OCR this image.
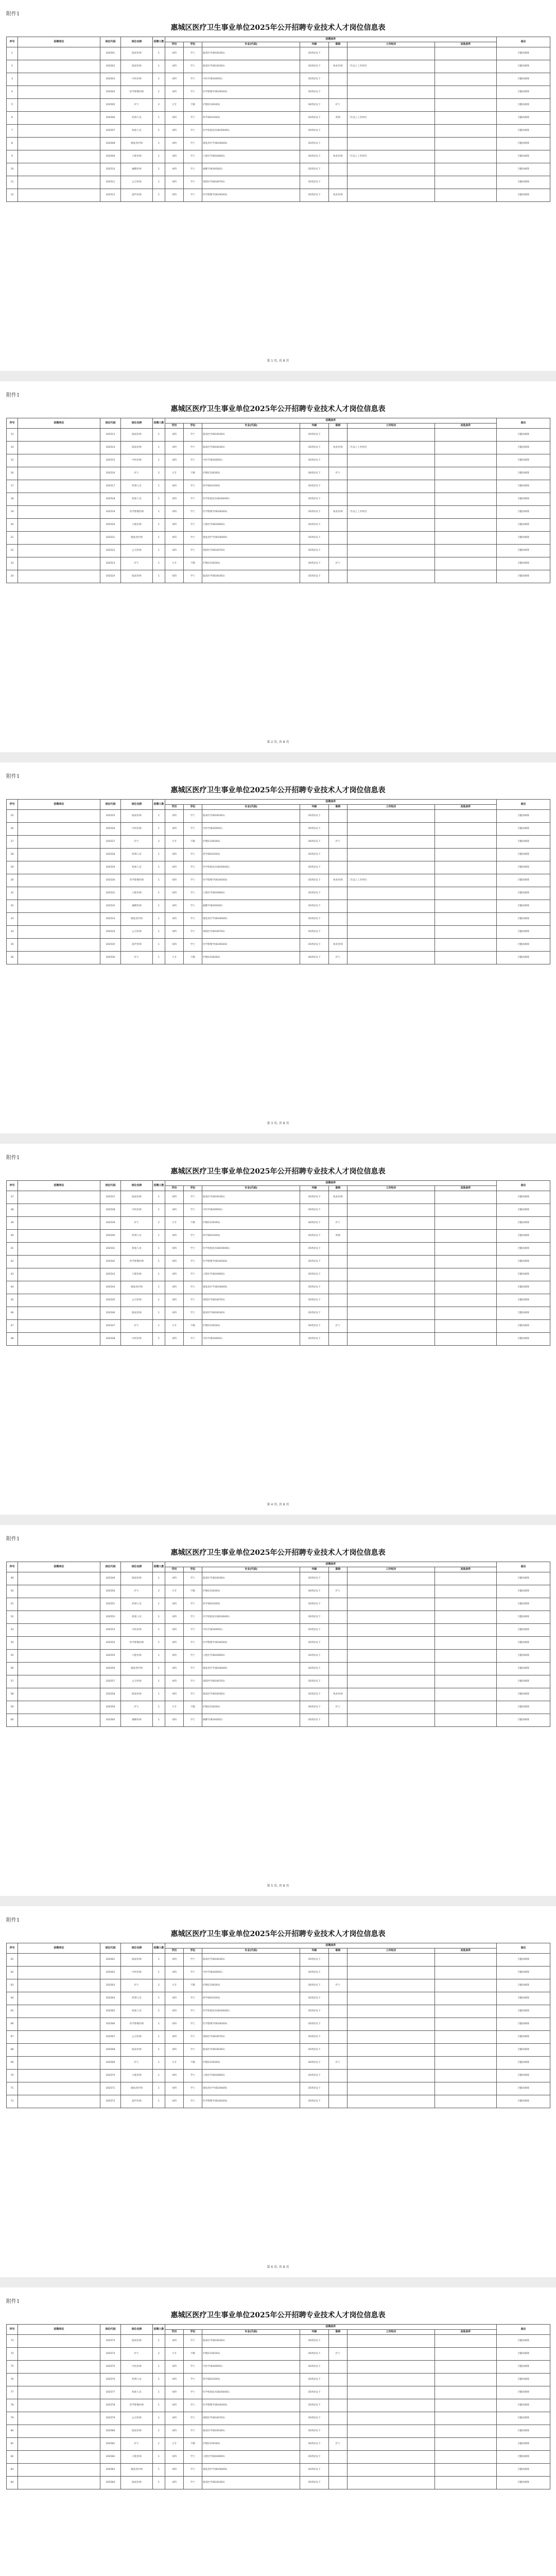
附件1
惠城区医疗卫生事业单位2025年公开招聘专业技术人才岗位信息表
序号	招聘单位	岗位代码	岗位名称	招聘人数	招聘条件							备注
					学历	学位	专业(代码)	年龄	职称	工作经历	其他条件	
1		202501	临床医师	1	本科	学士	临床医学(B100301)	35周岁以下				卫健局统筹
2		202502	临床医师	1	本科	学士	临床医学(B100301)	35周岁以下	执业医师	二年以上工作经历		卫健局统筹
3		202503	中医医师	1	本科	学士	中医学(B100501)	35周岁以下				卫健局统筹
4		202504	医学影像医师	1	本科	学士	医学影像学(B100303)	35周岁以下				卫健局统筹
5		202505	护士	2	大专	不限	护理(C100301)	30周岁以下	护士			卫健局统筹
6		202506	药剂人员	1	本科	学士	药学(B101001)	35周岁以下	药师	二年以上工作经历		卫健局统筹
7		202507	检验人员	1	本科	学士	医学检验技术(B100401)	35周岁以下				卫健局统筹
8		202508	康复治疗师	1	本科	学士	康复治疗学(B100405)	35周岁以下				卫健局统筹
9		202509	口腔医师	1	本科	学士	口腔医学(B100601)	35周岁以下	执业医师	二年以上工作经历		卫健局统筹
10		202510	麻醉医师	1	本科	学士	麻醉学(B100302)	35周岁以下				卫健局统筹
11		202511	公卫医师	1	本科	学士	预防医学(B100701)	35周岁以下				卫健局统筹
12		202512	超声医师	1	本科	学士	医学影像学(B100303)	35周岁以下	执业医师			卫健局统筹
第 1 页, 共 8 页
附件1
惠城区医疗卫生事业单位2025年公开招聘专业技术人才岗位信息表
序号	招聘单位	岗位代码	岗位名称	招聘人数	招聘条件							备注
					学历	学位	专业(代码)	年龄	职称	工作经历	其他条件	
13		202513	临床医师	1	本科	学士	临床医学(B100301)	35周岁以下				卫健局统筹
14		202514	临床医师	1	本科	学士	临床医学(B100301)	35周岁以下	执业医师	二年以上工作经历		卫健局统筹
15		202515	中医医师	1	本科	学士	中医学(B100501)	35周岁以下				卫健局统筹
16		202516	护士	2	大专	不限	护理(C100301)	30周岁以下	护士			卫健局统筹
17		202517	药剂人员	1	本科	学士	药学(B101001)	35周岁以下				卫健局统筹
18		202518	检验人员	1	本科	学士	医学检验技术(B100401)	35周岁以下				卫健局统筹
19		202519	医学影像医师	1	本科	学士	医学影像学(B100303)	35周岁以下	执业医师	二年以上工作经历		卫健局统筹
20		202520	口腔医师	1	本科	学士	口腔医学(B100601)	35周岁以下				卫健局统筹
21		202521	康复治疗师	1	本科	学士	康复治疗学(B100405)	35周岁以下				卫健局统筹
22		202522	公卫医师	1	本科	学士	预防医学(B100701)	35周岁以下				卫健局统筹
23		202523	护士	1	大专	不限	护理(C100301)	30周岁以下	护士			卫健局统筹
24		202524	临床医师	1	本科	学士	临床医学(B100301)	35周岁以下				卫健局统筹
第 2 页, 共 8 页
附件1
惠城区医疗卫生事业单位2025年公开招聘专业技术人才岗位信息表
序号	招聘单位	岗位代码	岗位名称	招聘人数	招聘条件							备注
					学历	学位	专业(代码)	年龄	职称	工作经历	其他条件	
25		202525	临床医师	1	本科	学士	临床医学(B100301)	35周岁以下				卫健局统筹
26		202526	中医医师	1	本科	学士	中医学(B100501)	35周岁以下				卫健局统筹
27		202527	护士	2	大专	不限	护理(C100301)	30周岁以下	护士			卫健局统筹
28		202528	药剂人员	1	本科	学士	药学(B101001)	35周岁以下				卫健局统筹
29		202529	检验人员	1	本科	学士	医学检验技术(B100401)	35周岁以下				卫健局统筹
30		202530	医学影像医师	1	本科	学士	医学影像学(B100303)	35周岁以下	执业医师	二年以上工作经历		卫健局统筹
31		202531	口腔医师	1	本科	学士	口腔医学(B100601)	35周岁以下				卫健局统筹
32		202532	麻醉医师	1	本科	学士	麻醉学(B100302)	35周岁以下				卫健局统筹
33		202533	康复治疗师	1	本科	学士	康复治疗学(B100405)	35周岁以下				卫健局统筹
34		202534	公卫医师	1	本科	学士	预防医学(B100701)	35周岁以下				卫健局统筹
35		202535	超声医师	1	本科	学士	医学影像学(B100303)	35周岁以下	执业医师			卫健局统筹
36		202536	护士	1	大专	不限	护理(C100301)	30周岁以下	护士			卫健局统筹
第 3 页, 共 8 页
附件1
惠城区医疗卫生事业单位2025年公开招聘专业技术人才岗位信息表
序号	招聘单位	岗位代码	岗位名称	招聘人数	招聘条件							备注
					学历	学位	专业(代码)	年龄	职称	工作经历	其他条件	
37		202537	临床医师	1	本科	学士	临床医学(B100301)	35周岁以下	执业医师			卫健局统筹
38		202538	中医医师	1	本科	学士	中医学(B100501)	35周岁以下				卫健局统筹
39		202539	护士	2	大专	不限	护理(C100301)	30周岁以下	护士			卫健局统筹
40		202540	药剂人员	1	本科	学士	药学(B101001)	35周岁以下	药师			卫健局统筹
41		202541	检验人员	1	本科	学士	医学检验技术(B100401)	35周岁以下				卫健局统筹
42		202542	医学影像医师	1	本科	学士	医学影像学(B100303)	35周岁以下				卫健局统筹
43		202543	口腔医师	1	本科	学士	口腔医学(B100601)	35周岁以下				卫健局统筹
44		202544	康复治疗师	1	本科	学士	康复治疗学(B100405)	35周岁以下				卫健局统筹
45		202545	公卫医师	1	本科	学士	预防医学(B100701)	35周岁以下				卫健局统筹
46		202546	临床医师	1	本科	学士	临床医学(B100301)	35周岁以下				卫健局统筹
47		202547	护士	1	大专	不限	护理(C100301)	30周岁以下	护士			卫健局统筹
48		202548	中医医师	1	本科	学士	中医学(B100501)	35周岁以下				卫健局统筹
第 4 页, 共 8 页
附件1
惠城区医疗卫生事业单位2025年公开招聘专业技术人才岗位信息表
序号	招聘单位	岗位代码	岗位名称	招聘人数	招聘条件							备注
					学历	学位	专业(代码)	年龄	职称	工作经历	其他条件	
49		202549	临床医师	1	本科	学士	临床医学(B100301)	35周岁以下				卫健局统筹
50		202550	护士	2	大专	不限	护理(C100301)	30周岁以下	护士			卫健局统筹
51		202551	药剂人员	1	本科	学士	药学(B101001)	35周岁以下				卫健局统筹
52		202552	检验人员	1	本科	学士	医学检验技术(B100401)	35周岁以下				卫健局统筹
53		202553	中医医师	1	本科	学士	中医学(B100501)	35周岁以下				卫健局统筹
54		202554	医学影像医师	1	本科	学士	医学影像学(B100303)	35周岁以下				卫健局统筹
55		202555	口腔医师	1	本科	学士	口腔医学(B100601)	35周岁以下				卫健局统筹
56		202556	康复治疗师	1	本科	学士	康复治疗学(B100405)	35周岁以下				卫健局统筹
57		202557	公卫医师	1	本科	学士	预防医学(B100701)	35周岁以下				卫健局统筹
58		202558	临床医师	1	本科	学士	临床医学(B100301)	35周岁以下	执业医师			卫健局统筹
59		202559	护士	1	大专	不限	护理(C100301)	30周岁以下	护士			卫健局统筹
60		202560	麻醉医师	1	本科	学士	麻醉学(B100302)	35周岁以下				卫健局统筹
第 5 页, 共 8 页
附件1
惠城区医疗卫生事业单位2025年公开招聘专业技术人才岗位信息表
序号	招聘单位	岗位代码	岗位名称	招聘人数	招聘条件							备注
					学历	学位	专业(代码)	年龄	职称	工作经历	其他条件	
61		202561	临床医师	1	本科	学士	临床医学(B100301)	35周岁以下				卫健局统筹
62		202562	中医医师	1	本科	学士	中医学(B100501)	35周岁以下				卫健局统筹
63		202563	护士	2	大专	不限	护理(C100301)	30周岁以下	护士			卫健局统筹
64		202564	药剂人员	1	本科	学士	药学(B101001)	35周岁以下				卫健局统筹
65		202565	检验人员	1	本科	学士	医学检验技术(B100401)	35周岁以下				卫健局统筹
66		202566	医学影像医师	1	本科	学士	医学影像学(B100303)	35周岁以下				卫健局统筹
67		202567	公卫医师	1	本科	学士	预防医学(B100701)	35周岁以下				卫健局统筹
68		202568	临床医师	1	本科	学士	临床医学(B100301)	35周岁以下				卫健局统筹
69		202569	护士	1	大专	不限	护理(C100301)	30周岁以下	护士			卫健局统筹
70		202570	口腔医师	1	本科	学士	口腔医学(B100601)	35周岁以下				卫健局统筹
71		202571	康复治疗师	1	本科	学士	康复治疗学(B100405)	35周岁以下				卫健局统筹
72		202572	超声医师	1	本科	学士	医学影像学(B100303)	35周岁以下				卫健局统筹
第 6 页, 共 8 页
附件1
惠城区医疗卫生事业单位2025年公开招聘专业技术人才岗位信息表
序号	招聘单位	岗位代码	岗位名称	招聘人数	招聘条件							备注
					学历	学位	专业(代码)	年龄	职称	工作经历	其他条件	
73		202573	临床医师	1	本科	学士	临床医学(B100301)	35周岁以下				卫健局统筹
74		202574	护士	2	大专	不限	护理(C100301)	30周岁以下	护士			卫健局统筹
75		202575	中医医师	1	本科	学士	中医学(B100501)	35周岁以下				卫健局统筹
76		202576	药剂人员	1	本科	学士	药学(B101001)	35周岁以下				卫健局统筹
77		202577	检验人员	1	本科	学士	医学检验技术(B100401)	35周岁以下				卫健局统筹
78		202578	医学影像医师	1	本科	学士	医学影像学(B100303)	35周岁以下				卫健局统筹
79		202579	公卫医师	1	本科	学士	预防医学(B100701)	35周岁以下				卫健局统筹
80		202580	临床医师	1	本科	学士	临床医学(B100301)	35周岁以下				卫健局统筹
81		202581	护士	1	大专	不限	护理(C100301)	30周岁以下	护士			卫健局统筹
82		202582	口腔医师	1	本科	学士	口腔医学(B100601)	35周岁以下				卫健局统筹
83		202583	康复治疗师	1	本科	学士	康复治疗学(B100405)	35周岁以下				卫健局统筹
84		202584	临床医师	1	本科	学士	临床医学(B100301)	35周岁以下				卫健局统筹
